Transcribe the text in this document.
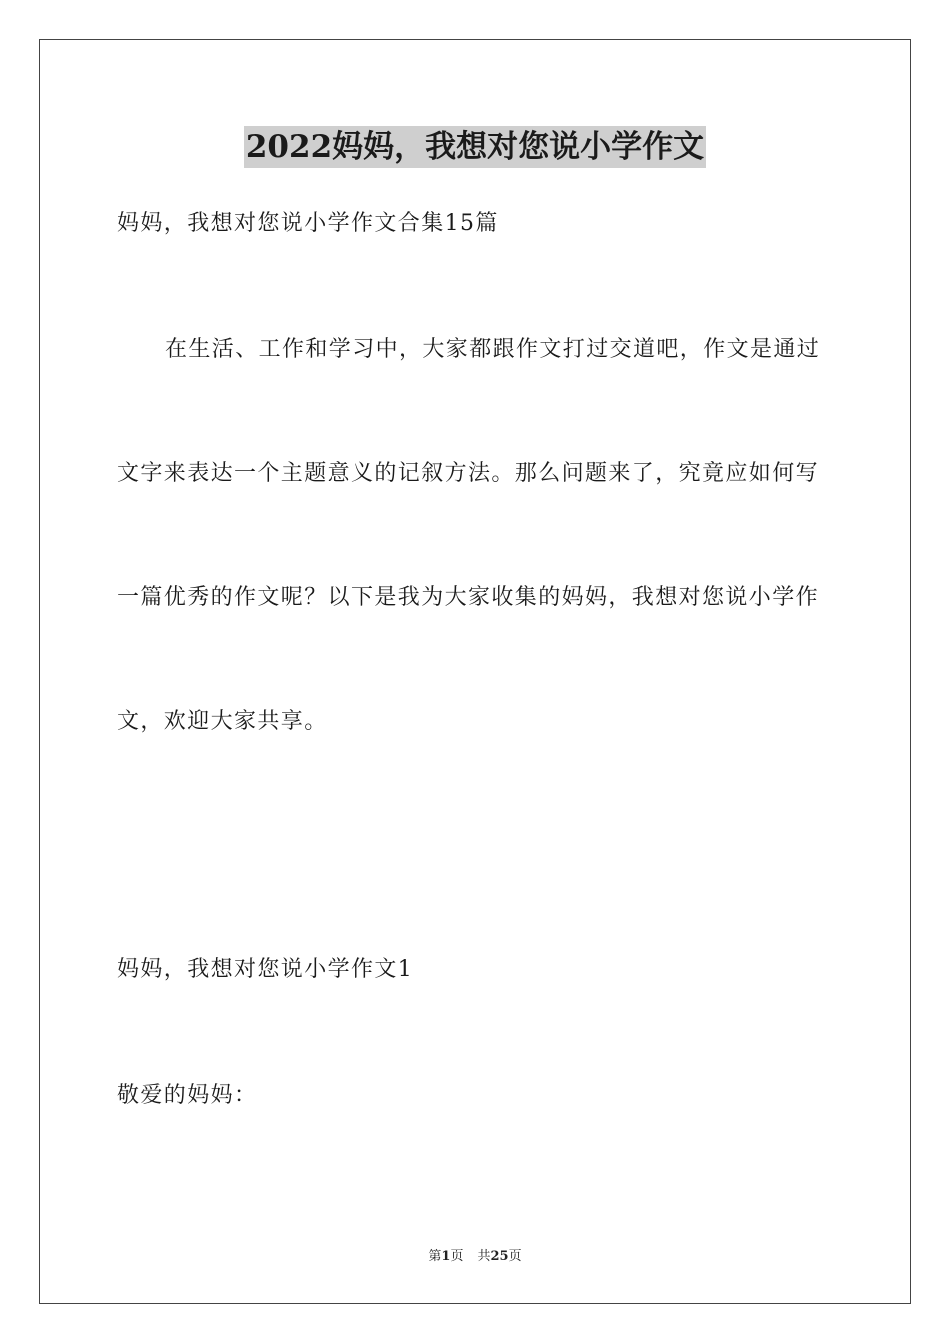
2022妈妈，我想对您说小学作文
妈妈，我想对您说小学作文合集15篇
在生活、工作和学习中，大家都跟作文打过交道吧，作文是通过
文字来表达一个主题意义的记叙方法。那么问题来了，究竟应如何写
一篇优秀的作文呢？以下是我为大家收集的妈妈，我想对您说小学作
文，欢迎大家共享。
妈妈，我想对您说小学作文1
敬爱的妈妈：
第1页 共25页
